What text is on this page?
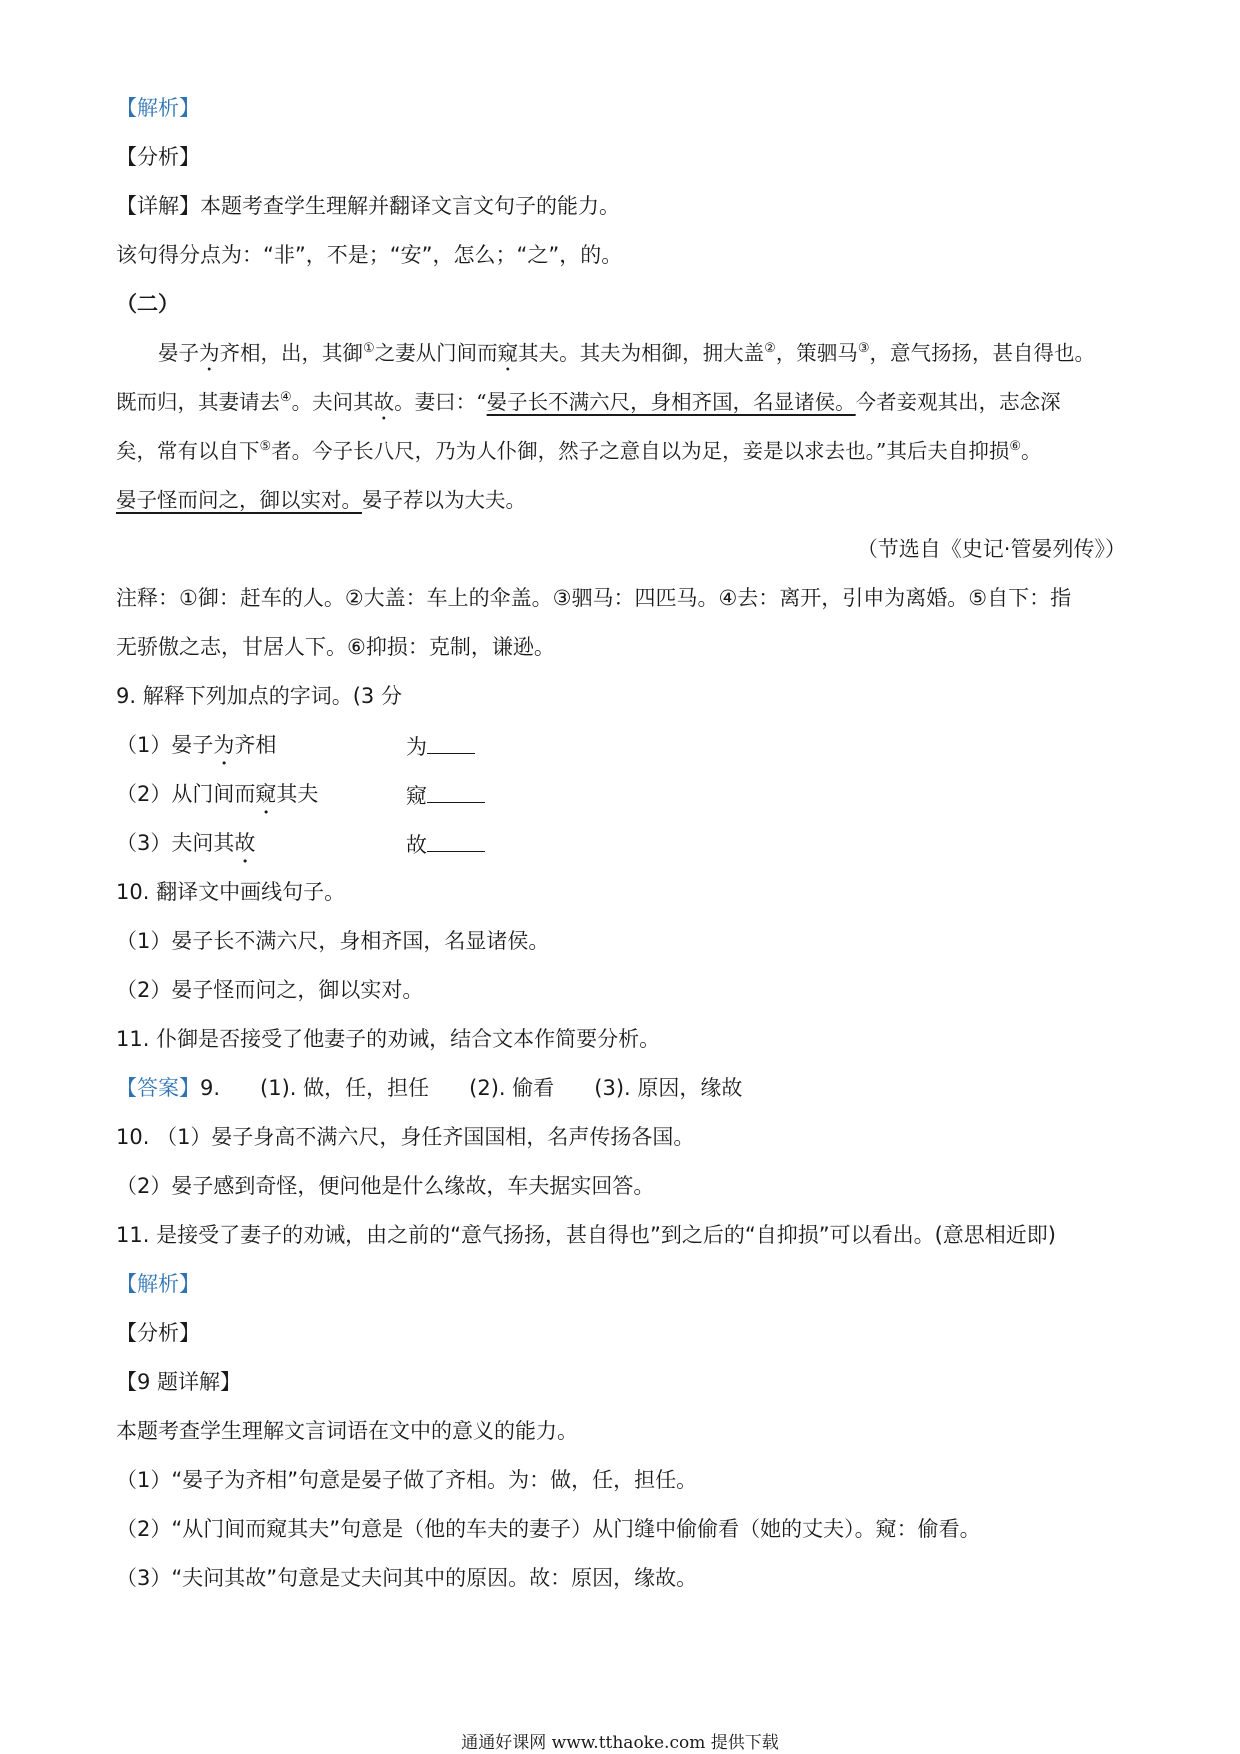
【解析】
【分析】
【详解】本题考查学生理解并翻译文言文句子的能力。
该句得分点为：“非”，不是；“安”，怎么；“之”，的。
（二）
晏子为齐相，出，其御①之妻从门间而窥其夫。其夫为相御，拥大盖②，策驷马③，意气扬扬，甚自得也。
既而归，其妻请去④。夫问其故。妻曰：“晏子长不满六尺，身相齐国，名显诸侯。今者妾观其出，志念深
矣，常有以自下⑤者。今子长八尺，乃为人仆御，然子之意自以为足，妾是以求去也。”其后夫自抑损⑥。
晏子怪而问之，御以实对。晏子荐以为大夫。
（节选自《史记·管晏列传》）
注释：①御：赶车的人。②大盖：车上的伞盖。③驷马：四匹马。④去：离开，引申为离婚。⑤自下：指
无骄傲之志，甘居人下。⑥抑损：克制，谦逊。
9. 解释下列加点的字词。(3 分
（1）晏子为齐相	为
（2）从门间而窥其夫	窥
（3）夫问其故	故
10. 翻译文中画线句子。
（1）晏子长不满六尺，身相齐国，名显诸侯。
（2）晏子怪而问之，御以实对。
11. 仆御是否接受了他妻子的劝诫，结合文本作简要分析。
【答案】9. (1). 做，任，担任 (2). 偷看 (3). 原因，缘故
10. （1）晏子身高不满六尺，身任齐国国相，名声传扬各国。
（2）晏子感到奇怪，便问他是什么缘故，车夫据实回答。
11. 是接受了妻子的劝诫，由之前的“意气扬扬，甚自得也”到之后的“自抑损”可以看出。(意思相近即)
【解析】
【分析】
【9 题详解】
本题考查学生理解文言词语在文中的意义的能力。
（1）“晏子为齐相”句意是晏子做了齐相。为：做，任，担任。
（2）“从门间而窥其夫”句意是（他的车夫的妻子）从门缝中偷偷看（她的丈夫）。窥：偷看。
（3）“夫问其故”句意是丈夫问其中的原因。故：原因，缘故。
通通好课网 www.tthaoke.com 提供下载
